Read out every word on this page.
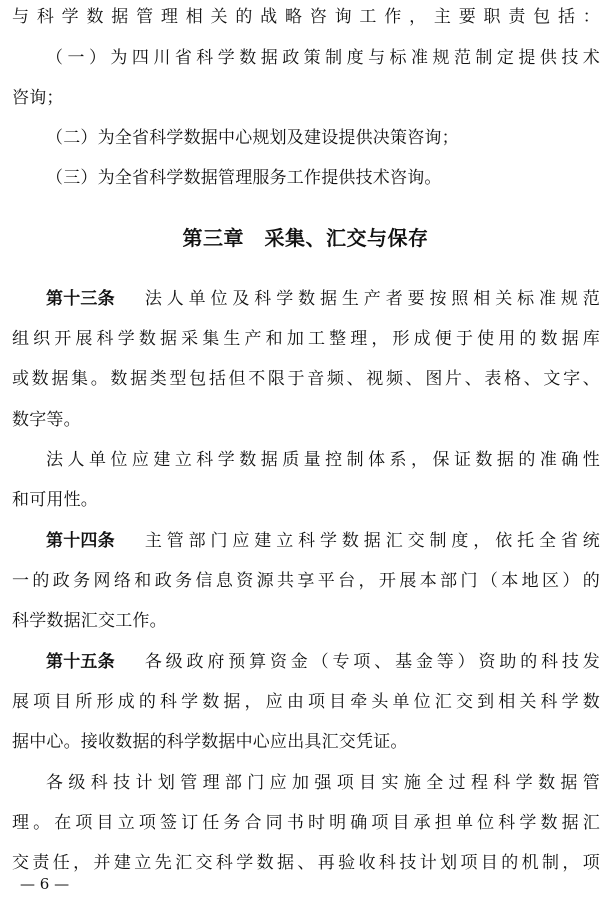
与科学数据管理相关的战略咨询工作，主要职责包括：
（一）为四川省科学数据政策制度与标准规范制定提供技术
咨询；
（二）为全省科学数据中心规划及建设提供决策咨询；
（三）为全省科学数据管理服务工作提供技术咨询。
第三章　采集、汇交与保存
第十三条 法人单位及科学数据生产者要按照相关标准规范
组织开展科学数据采集生产和加工整理，形成便于使用的数据库
或数据集。数据类型包括但不限于音频、视频、图片、表格、文字、
数字等。
法人单位应建立科学数据质量控制体系，保证数据的准确性
和可用性。
第十四条 主管部门应建立科学数据汇交制度，依托全省统
一的政务网络和政务信息资源共享平台，开展本部门（本地区）的
科学数据汇交工作。
第十五条 各级政府预算资金（专项、基金等）资助的科技发
展项目所形成的科学数据，应由项目牵头单位汇交到相关科学数
据中心。接收数据的科学数据中心应出具汇交凭证。
各级科技计划管理部门应加强项目实施全过程科学数据管
理。在项目立项签订任务合同书时明确项目承担单位科学数据汇
交责任，并建立先汇交科学数据、再验收科技计划项目的机制，项
— 6 —
